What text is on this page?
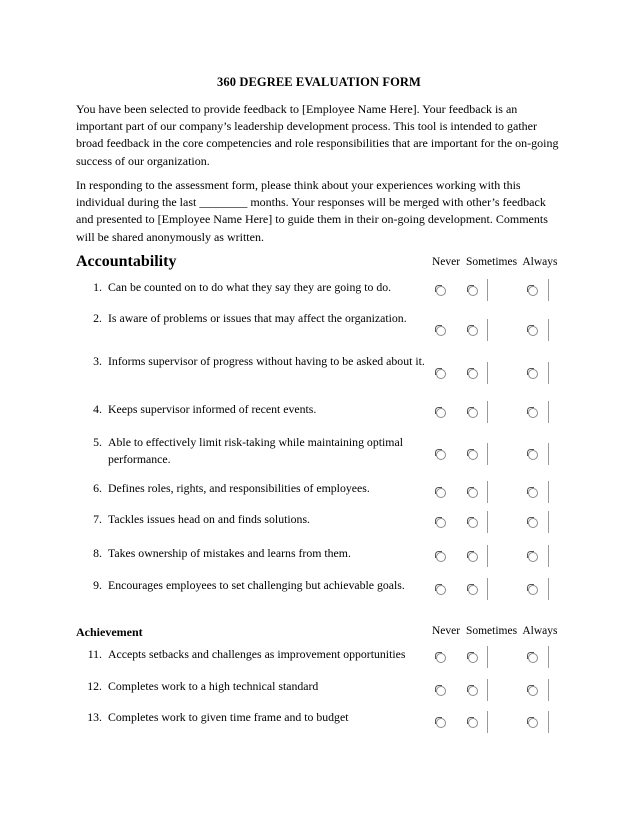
360 DEGREE EVALUATION FORM

You have been selected to provide feedback to [Employee Name Here]. Your feedback is an important part of our company’s leadership development process. This tool is intended to gather broad feedback in the core competencies and role responsibilities that are important for the on-going success of our organization.

In responding to the assessment form, please think about your experiences working with this individual during the last ________ months. Your responses will be merged with other’s feedback and presented to [Employee Name Here] to guide them in their on-going development. Comments will be shared anonymously as written.

Accountability	Never Sometimes Always
Achievement	Never Sometimes Always
1. Can be counted on to do what they say they are going to do.
2. Is aware of problems or issues that may affect the organization.
3. Informs supervisor of progress without having to be asked about it.
4. Keeps supervisor informed of recent events.
5. Able to effectively limit risk-taking while maintaining optimal performance.
6. Defines roles, rights, and responsibilities of employees.
7. Tackles issues head on and finds solutions.
8. Takes ownership of mistakes and learns from them.
9. Encourages employees to set challenging but achievable goals.
11. Accepts setbacks and challenges as improvement opportunities
12. Completes work to a high technical standard
13. Completes work to given time frame and to budget
